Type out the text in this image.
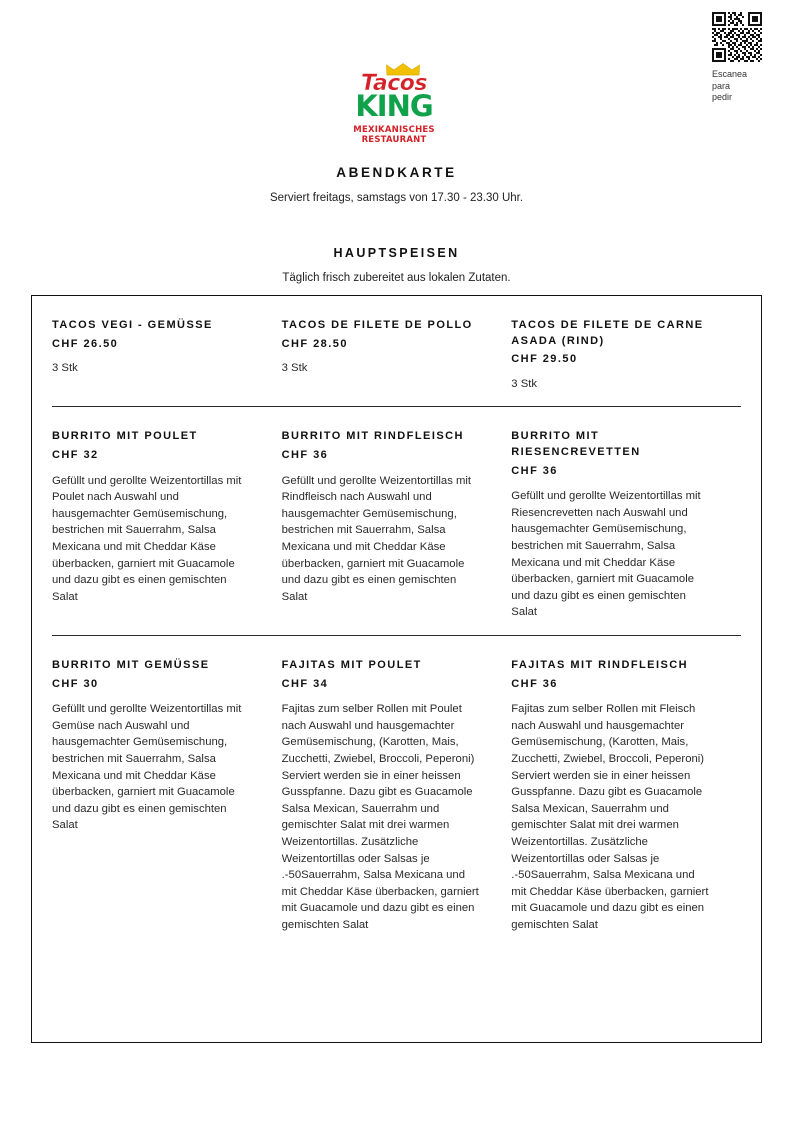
Tacos
KING
MEXIKANISCHES
RESTAURANT
Escanea
para
pedir
ABENDKARTE

Serviert freitags, samstags von 17.30 - 23.30 Uhr.

HAUPTSPEISEN

Täglich frisch zubereitet aus lokalen Zutaten.

TACOS VEGI - GEMÜSSE
CHF 26.50
3 Stk
TACOS DE FILETE DE POLLO
CHF 28.50
3 Stk
TACOS DE FILETE DE CARNE ASADA (RIND)
CHF 29.50
3 Stk
BURRITO MIT POULET
CHF 32
Gefüllt und gerollte Weizentortillas mit Poulet nach Auswahl und hausgemachter Gemüsemischung, bestrichen mit Sauerrahm, Salsa Mexicana und mit Cheddar Käse überbacken, garniert mit Guacamole und dazu gibt es einen gemischten Salat
BURRITO MIT RINDFLEISCH
CHF 36
Gefüllt und gerollte Weizentortillas mit Rindfleisch nach Auswahl und hausgemachter Gemüsemischung, bestrichen mit Sauerrahm, Salsa Mexicana und mit Cheddar Käse überbacken, garniert mit Guacamole und dazu gibt es einen gemischten Salat
BURRITO MIT RIESENCREVETTEN
CHF 36
Gefüllt und gerollte Weizentortillas mit Riesencrevetten nach Auswahl und hausgemachter Gemüsemischung, bestrichen mit Sauerrahm, Salsa Mexicana und mit Cheddar Käse überbacken, garniert mit Guacamole und dazu gibt es einen gemischten Salat
BURRITO MIT GEMÜSSE
CHF 30
Gefüllt und gerollte Weizentortillas mit Gemüse nach Auswahl und hausgemachter Gemüsemischung, bestrichen mit Sauerrahm, Salsa Mexicana und mit Cheddar Käse überbacken, garniert mit Guacamole und dazu gibt es einen gemischten Salat
FAJITAS MIT POULET
CHF 34
Fajitas zum selber Rollen mit Poulet nach Auswahl und hausgemachter Gemüsemischung, (Karotten, Mais, Zucchetti, Zwiebel, Broccoli, Peperoni) Serviert werden sie in einer heissen Gusspfanne. Dazu gibt es Guacamole Salsa Mexican, Sauerrahm und gemischter Salat mit drei warmen Weizentortillas. Zusätzliche Weizentortillas oder Salsas je .-50Sauerrahm, Salsa Mexicana und mit Cheddar Käse überbacken, garniert mit Guacamole und dazu gibt es einen gemischten Salat
FAJITAS MIT RINDFLEISCH
CHF 36
Fajitas zum selber Rollen mit Fleisch nach Auswahl und hausgemachter Gemüsemischung, (Karotten, Mais, Zucchetti, Zwiebel, Broccoli, Peperoni) Serviert werden sie in einer heissen Gusspfanne. Dazu gibt es Guacamole Salsa Mexican, Sauerrahm und gemischter Salat mit drei warmen Weizentortillas. Zusätzliche Weizentortillas oder Salsas je .-50Sauerrahm, Salsa Mexicana und mit Cheddar Käse überbacken, garniert mit Guacamole und dazu gibt es einen gemischten Salat
